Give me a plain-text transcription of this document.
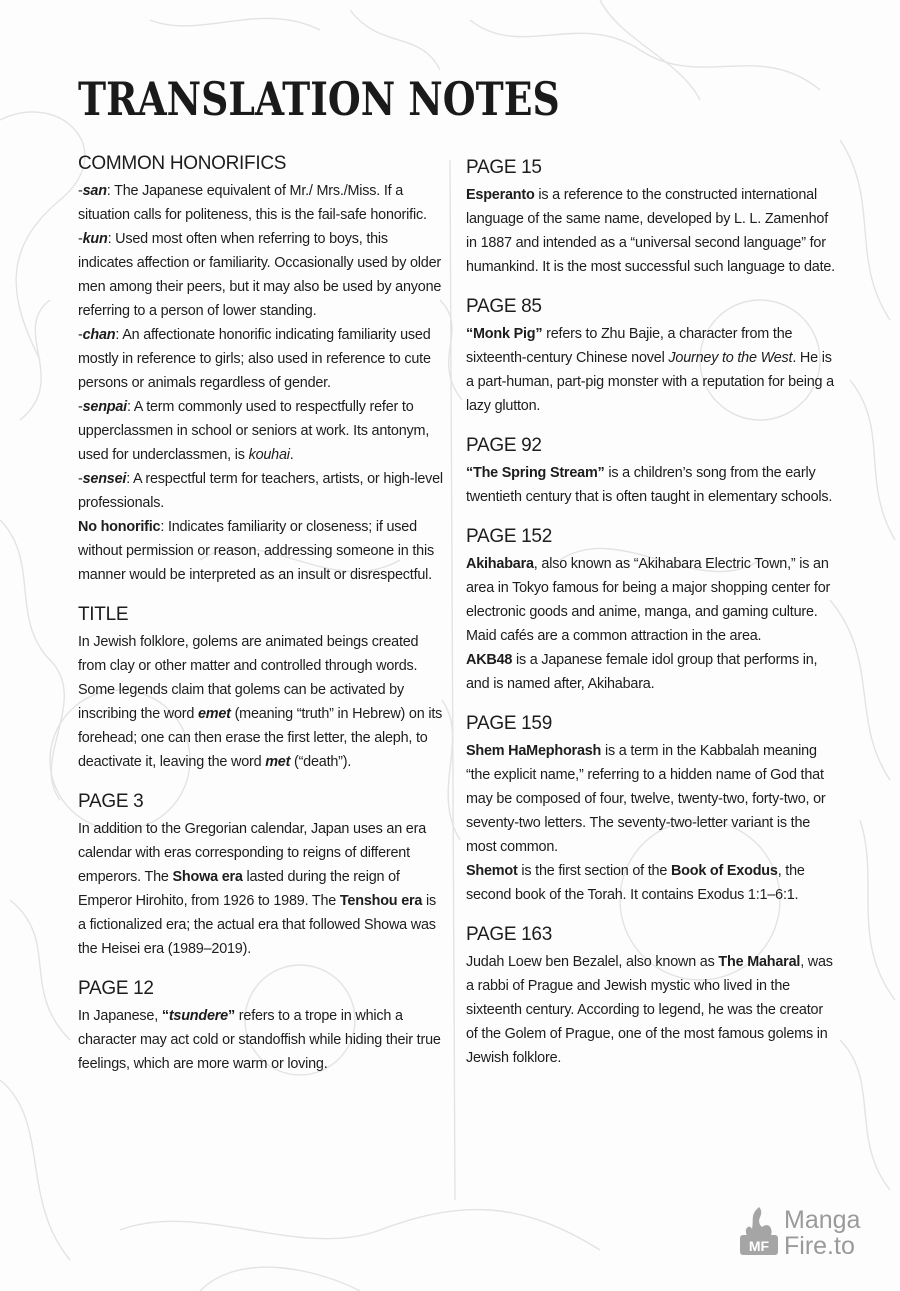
TRANSLATION NOTES
COMMON HONORIFICS

-san: The Japanese equivalent of Mr./ Mrs./Miss. If a situation calls for politeness, this is the fail-safe honorific.

-kun: Used most often when referring to boys, this indicates affection or familiarity. Occasionally used by older men among their peers, but it may also be used by anyone referring to a person of lower standing.

-chan: An affectionate honorific indicating familiarity used mostly in reference to girls; also used in reference to cute persons or animals regardless of gender.

-senpai: A term commonly used to respectfully refer to upperclassmen in school or seniors at work. Its antonym, used for underclassmen, is kouhai.

-sensei: A respectful term for teachers, artists, or high-level professionals.

No honorific: Indicates familiarity or closeness; if used without permission or reason, addressing someone in this manner would be interpreted as an insult or disrespectful.

TITLE

In Jewish folklore, golems are animated beings created from clay or other matter and controlled through words. Some legends claim that golems can be activated by inscribing the word emet (meaning “truth” in Hebrew) on its forehead; one can then erase the first letter, the aleph, to deactivate it, leaving the word met (“death”).

PAGE 3

In addition to the Gregorian calendar, Japan uses an era calendar with eras corresponding to reigns of different emperors. The Showa era lasted during the reign of Emperor Hirohito, from 1926 to 1989. The Tenshou era is a fictionalized era; the actual era that followed Showa was the Heisei era (1989–2019).

PAGE 12

In Japanese, “tsundere” refers to a trope in which a character may act cold or standoffish while hiding their true feelings, which are more warm or loving.

PAGE 15

Esperanto is a reference to the constructed international language of the same name, developed by L. L. Zamenhof in 1887 and intended as a “universal second language” for humankind. It is the most successful such language to date.

PAGE 85

“Monk Pig” refers to Zhu Bajie, a character from the sixteenth-century Chinese novel Journey to the West. He is a part-human, part-pig monster with a reputation for being a lazy glutton.

PAGE 92

“The Spring Stream” is a children’s song from the early twentieth century that is often taught in elementary schools.

PAGE 152

Akihabara, also known as “Akihabara Electric Town,” is an area in Tokyo famous for being a major shopping center for electronic goods and anime, manga, and gaming culture. Maid cafés are a common attraction in the area.

AKB48 is a Japanese female idol group that performs in, and is named after, Akihabara.

PAGE 159

Shem HaMephorash is a term in the Kabbalah meaning “the explicit name,” referring to a hidden name of God that may be composed of four, twelve, twenty-two, forty-two, or seventy-two letters. The seventy-two-letter variant is the most common.

Shemot is the first section of the Book of Exodus, the second book of the Torah. It contains Exodus 1:1–6:1.

PAGE 163

Judah Loew ben Bezalel, also known as The Maharal, was a rabbi of Prague and Jewish mystic who lived in the sixteenth century. According to legend, he was the creator of the Golem of Prague, one of the most famous golems in Jewish folklore.

MF
Manga
Fire.to
